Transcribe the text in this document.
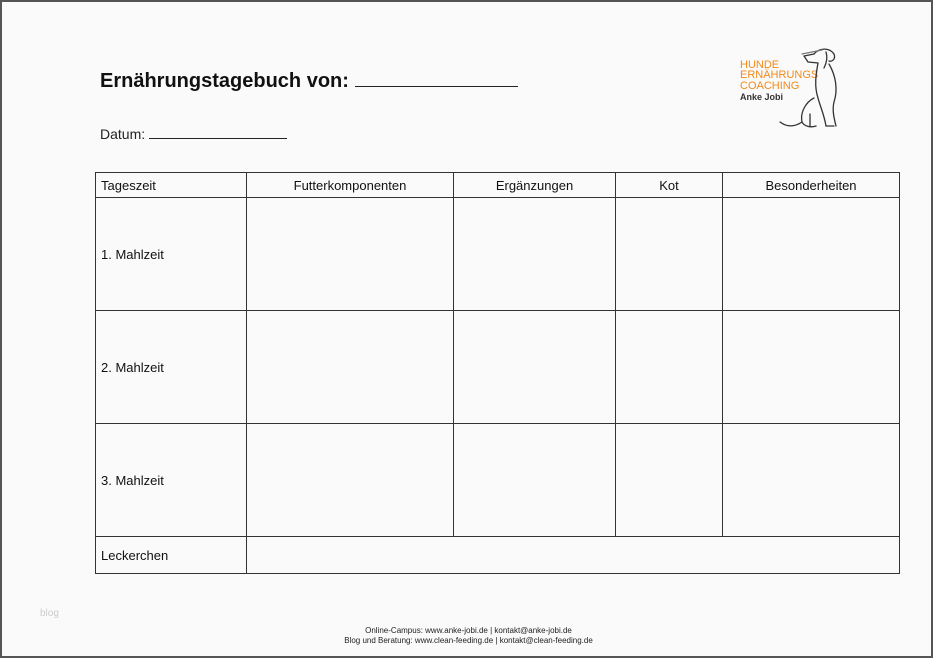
Ernährungstagebuch von:
Datum:
HUNDE
ERNÄHRUNGS
COACHING
Anke Jobi
Tageszeit	Futterkomponenten	Ergänzungen	Kot	Besonderheiten
1. Mahlzeit				
2. Mahlzeit				
3. Mahlzeit				
Leckerchen				
blog
Online-Campus: www.anke-jobi.de | kontakt@anke-jobi.de
Blog und Beratung: www.clean-feeding.de | kontakt@clean-feeding.de
